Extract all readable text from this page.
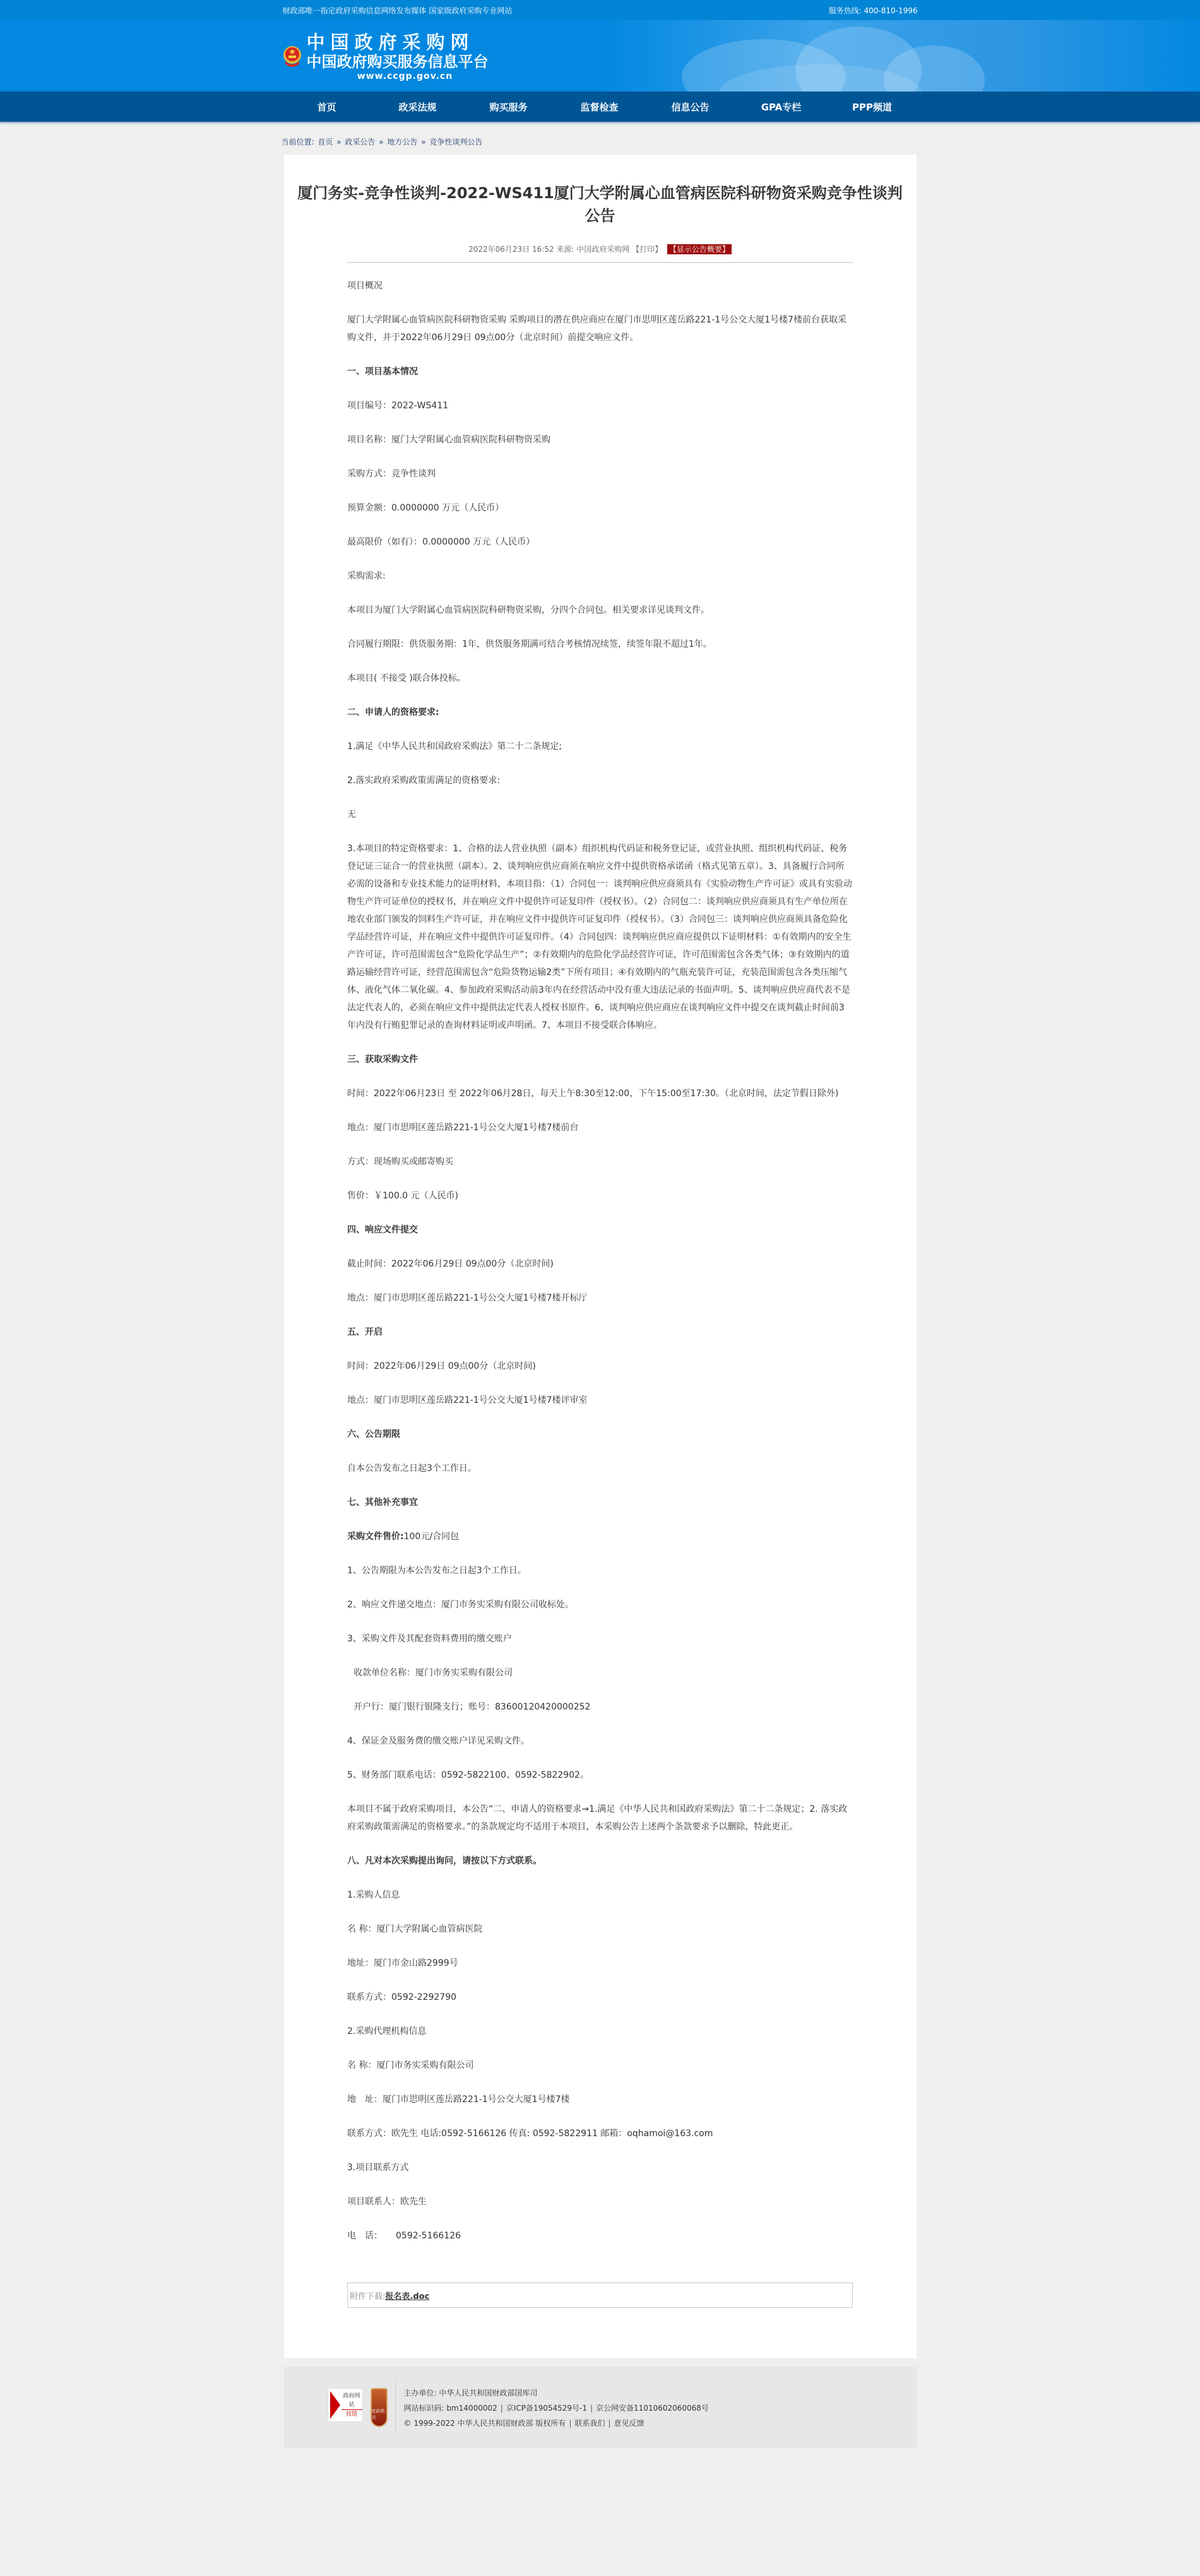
财政部唯一指定政府采购信息网络发布媒体 国家级政府采购专业网站	服务热线: 400-810-1996
中国政府采购网
中国政府购买服务信息平台
www.ccgp.gov.cn
首页	政采法规	购买服务	监督检查	信息公告	GPA专栏	PPP频道
当前位置: 首页 » 政采公告 » 地方公告 » 竞争性谈判公告
厦门务实-竞争性谈判-2022-WS411厦门大学附属心血管病医院科研物资采购竞争性谈判公告
2022年06月23日 16:52 来源: 中国政府采购网 【打印】 【显示公告概要】

项目概况

厦门大学附属心血管病医院科研物资采购 采购项目的潜在供应商应在厦门市思明区莲岳路221-1号公交大厦1号楼7楼前台获取采购文件，并于2022年06月29日 09点00分（北京时间）前提交响应文件。

一、项目基本情况

项目编号：2022-WS411

项目名称：厦门大学附属心血管病医院科研物资采购

采购方式：竞争性谈判

预算金额：0.0000000 万元（人民币）

最高限价（如有）：0.0000000 万元（人民币）

采购需求:

本项目为厦门大学附属心血管病医院科研物资采购，分四个合同包。相关要求详见谈判文件。

合同履行期限：供货服务期：1年，供货服务期满可结合考核情况续签，续签年限不超过1年。

本项目( 不接受 )联合体投标。

二、申请人的资格要求:

1.满足《中华人民共和国政府采购法》第二十二条规定;

2.落实政府采购政策需满足的资格要求:

无

3.本项目的特定资格要求：1、合格的法人营业执照（副本）组织机构代码证和税务登记证，或营业执照、组织机构代码证、税务登记证三证合一的营业执照（副本）。2、谈判响应供应商须在响应文件中提供资格承诺函（格式见第五章）。3、具备履行合同所必需的设备和专业技术能力的证明材料，本项目指：（1）合同包一：谈判响应供应商须具有《实验动物生产许可证》或具有实验动物生产许可证单位的授权书，并在响应文件中提供许可证复印件（授权书）。（2）合同包二：谈判响应供应商须具有生产单位所在地农业部门颁发的饲料生产许可证，并在响应文件中提供许可证复印件（授权书）。（3）合同包三：谈判响应供应商须具备危险化学品经营许可证，并在响应文件中提供许可证复印件。（4）合同包四：谈判响应供应商应提供以下证明材料：①有效期内的安全生产许可证，许可范围需包含“危险化学品生产”；②有效期内的危险化学品经营许可证，许可范围需包含各类气体；③有效期内的道路运输经营许可证，经营范围需包含“危险货物运输2类”下所有项目；④有效期内的气瓶充装许可证，充装范围需包含各类压缩气体、液化气体二氧化碳。4、参加政府采购活动前3年内在经营活动中没有重大违法记录的书面声明。5、谈判响应供应商代表不是法定代表人的，必须在响应文件中提供法定代表人授权书原件。6、谈判响应供应商应在谈判响应文件中提交在谈判截止时间前3年内没有行贿犯罪记录的查询材料证明或声明函。7、本项目不接受联合体响应。

三、获取采购文件

时间：2022年06月23日 至 2022年06月28日，每天上午8:30至12:00，下午15:00至17:30。（北京时间，法定节假日除外)

地点：厦门市思明区莲岳路221-1号公交大厦1号楼7楼前台

方式：现场购买或邮寄购买

售价：￥100.0 元（人民币)

四、响应文件提交

截止时间：2022年06月29日 09点00分（北京时间)

地点：厦门市思明区莲岳路221-1号公交大厦1号楼7楼开标厅

五、开启

时间：2022年06月29日 09点00分（北京时间)

地点：厦门市思明区莲岳路221-1号公交大厦1号楼7楼评审室

六、公告期限

自本公告发布之日起3个工作日。

七、其他补充事宜

采购文件售价:100元/合同包

1、公告期限为本公告发布之日起3个工作日。

2、响应文件递交地点：厦门市务实采购有限公司收标处。

3、采购文件及其配套资料费用的缴交账户

收款单位名称：厦门市务实采购有限公司

开户行：厦门银行银隆支行；账号：83600120420000252

4、保证金及服务费的缴交账户详见采购文件。

5、财务部门联系电话：0592-5822100、0592-5822902。

本项目不属于政府采购项目，本公告“二、申请人的资格要求→1.满足《中华人民共和国政府采购法》第二十二条规定；2. 落实政府采购政策需满足的资格要求。”的条款规定均不适用于本项目，本采购公告上述两个条款要求予以删除，特此更正。

八、凡对本次采购提出询问，请按以下方式联系。

1.采购人信息

名 称：厦门大学附属心血管病医院

地址：厦门市金山路2999号

联系方式：0592-2292790

2.采购代理机构信息

名 称：厦门市务实采购有限公司

地　址：厦门市思明区莲岳路221-1号公交大厦1号楼7楼

联系方式：欧先生 电话:0592-5166126 传真: 0592-5822911 邮箱：oqhamoi@163.com

3.项目联系方式

项目联系人：欧先生

电　话：　　0592-5166126

附件下载: 报名表.doc
政府网站
找错	党政机关
主办单位: 中华人民共和国财政部国库司
网站标识码: bm14000002 | 京ICP备19054529号-1 | 京公网安备11010602060068号
© 1999-2022 中华人民共和国财政部 版权所有 | 联系我们 | 意见反馈
